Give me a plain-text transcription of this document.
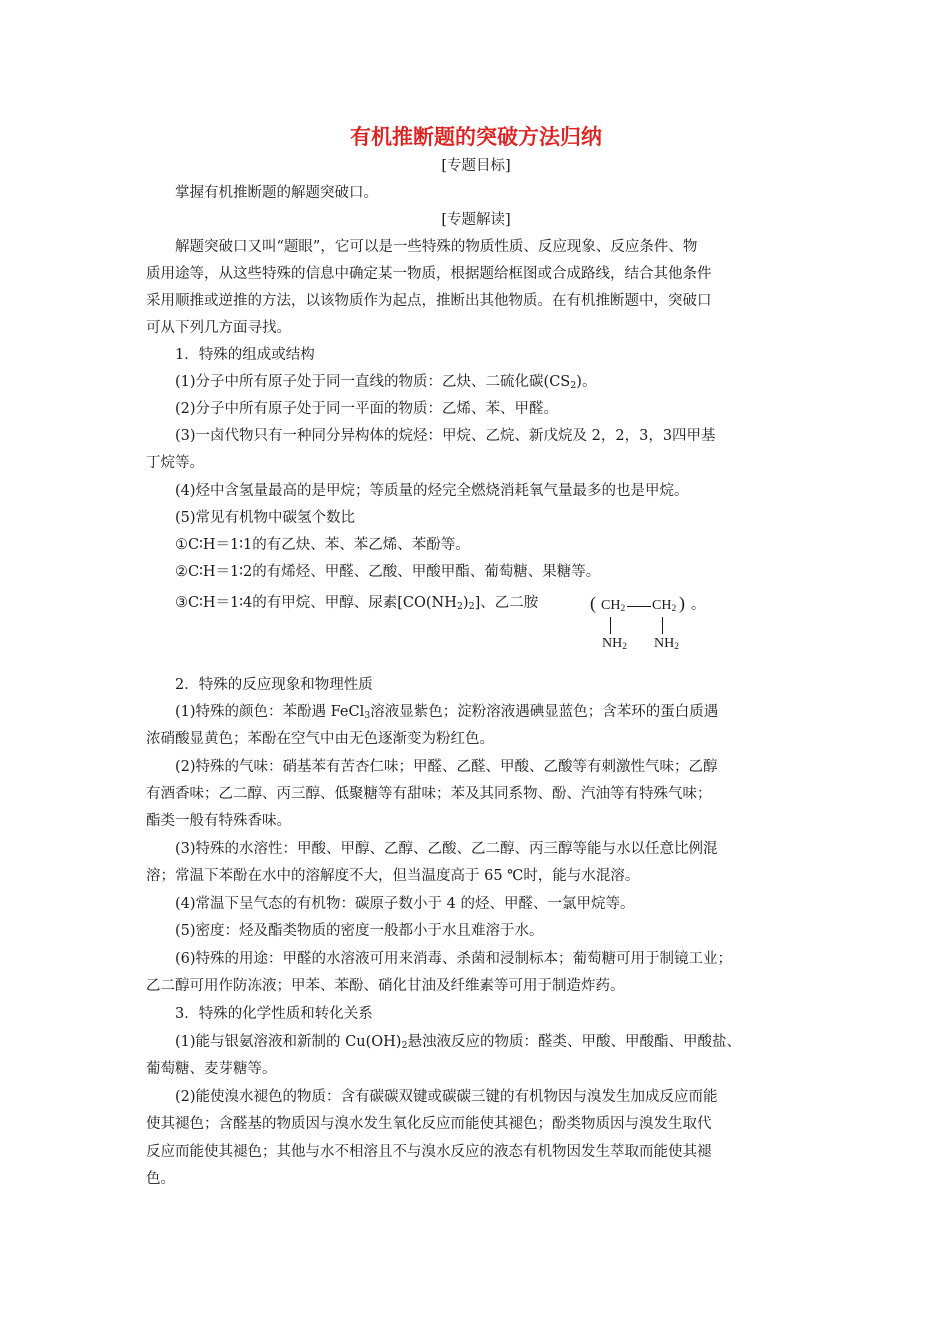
有机推断题的突破方法归纳
[专题目标]
掌握有机推断题的解题突破口。
[专题解读]
解题突破口又叫“题眼”，它可以是一些特殊的物质性质、反应现象、反应条件、物
质用途等，从这些特殊的信息中确定某一物质，根据题给框图或合成路线，结合其他条件
采用顺推或逆推的方法，以该物质作为起点，推断出其他物质。在有机推断题中，突破口
可从下列几方面寻找。
1．特殊的组成或结构
(1)分子中所有原子处于同一直线的物质：乙炔、二硫化碳$(CS_2)$。
(2)分子中所有原子处于同一平面的物质：乙烯、苯、甲醛。
(3)一卤代物只有一种同分异构体的烷烃：甲烷、乙烷、新戊烷及 2，2，3，3四甲基
丁烷等。
(4)烃中含氢量最高的是甲烷；等质量的烃完全燃烧消耗氧气量最多的也是甲烷。
(5)常见有机物中碳氢个数比
①C∶H＝1∶1的有乙炔、苯、苯乙烯、苯酚等。
②C∶H＝1∶2的有烯烃、甲醛、乙酸、甲酸甲酯、葡萄糖、果糖等。
③C∶H＝1∶4的有甲烷、甲醇、尿素$[CO(NH_2)_2]$、乙二胺	( $CH_2$ $CH_2$ ) 。
$NH_2$ $NH_2$
2．特殊的反应现象和物理性质
(1)特殊的颜色：苯酚遇 FeCl$_3$溶液显紫色；淀粉溶液遇碘显蓝色；含苯环的蛋白质遇
浓硝酸显黄色；苯酚在空气中由无色逐渐变为粉红色。
(2)特殊的气味：硝基苯有苦杏仁味；甲醛、乙醛、甲酸、乙酸等有刺激性气味；乙醇
有酒香味；乙二醇、丙三醇、低聚糖等有甜味；苯及其同系物、酚、汽油等有特殊气味；
酯类一般有特殊香味。
(3)特殊的水溶性：甲酸、甲醇、乙醇、乙酸、乙二醇、丙三醇等能与水以任意比例混
溶；常温下苯酚在水中的溶解度不大，但当温度高于 65 ℃时，能与水混溶。
(4)常温下呈气态的有机物：碳原子数小于 4 的烃、甲醛、一氯甲烷等。
(5)密度：烃及酯类物质的密度一般都小于水且难溶于水。
(6)特殊的用途：甲醛的水溶液可用来消毒、杀菌和浸制标本；葡萄糖可用于制镜工业；
乙二醇可用作防冻液；甲苯、苯酚、硝化甘油及纤维素等可用于制造炸药。
3．特殊的化学性质和转化关系
(1)能与银氨溶液和新制的 $Cu(OH)_2$悬浊液反应的物质：醛类、甲酸、甲酸酯、甲酸盐、
葡萄糖、麦芽糖等。
(2)能使溴水褪色的物质：含有碳碳双键或碳碳三键的有机物因与溴发生加成反应而能
使其褪色；含醛基的物质因与溴水发生氧化反应而能使其褪色；酚类物质因与溴发生取代
反应而能使其褪色；其他与水不相溶且不与溴水反应的液态有机物因发生萃取而能使其褪
色。
